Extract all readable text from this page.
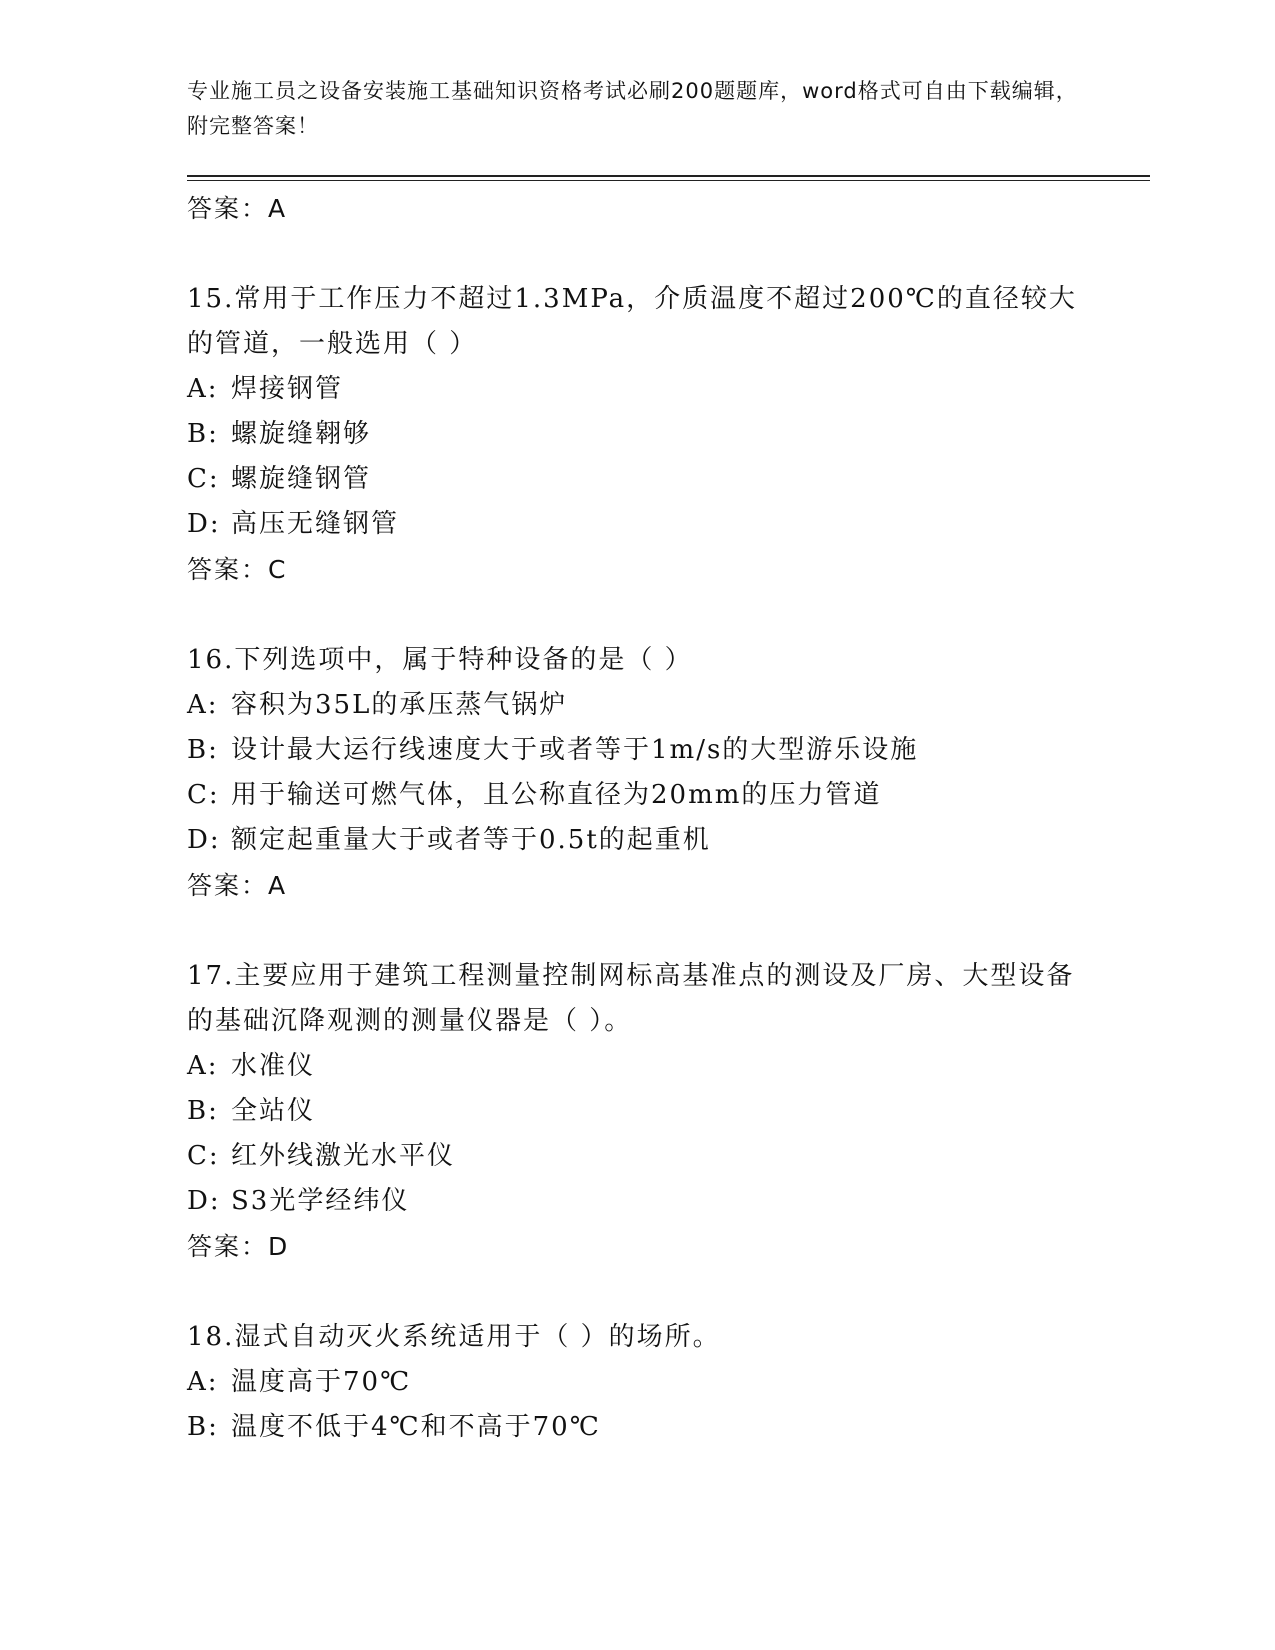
专业施工员之设备安装施工基础知识资格考试必刷200题题库，word格式可自由下载编辑，附完整答案！
答案：A
15.常用于工作压力不超过1.3MPa，介质温度不超过200℃的直径较大的管道，一般选用（ ）
A: 焊接钢管
B: 螺旋缝翱够
C: 螺旋缝钢管
D: 高压无缝钢管
答案：C
16.下列选项中，属于特种设备的是（ ）
A: 容积为35L的承压蒸气锅炉
B: 设计最大运行线速度大于或者等于1m/s的大型游乐设施
C: 用于输送可燃气体，且公称直径为20mm的压力管道
D: 额定起重量大于或者等于0.5t的起重机
答案：A
17.主要应用于建筑工程测量控制网标高基准点的测设及厂房、大型设备的基础沉降观测的测量仪器是（ ）。
A: 水准仪
B: 全站仪
C: 红外线激光水平仪
D: S3光学经纬仪
答案：D
18.湿式自动灭火系统适用于（ ）的场所。
A: 温度高于70℃
B: 温度不低于4℃和不高于70℃
